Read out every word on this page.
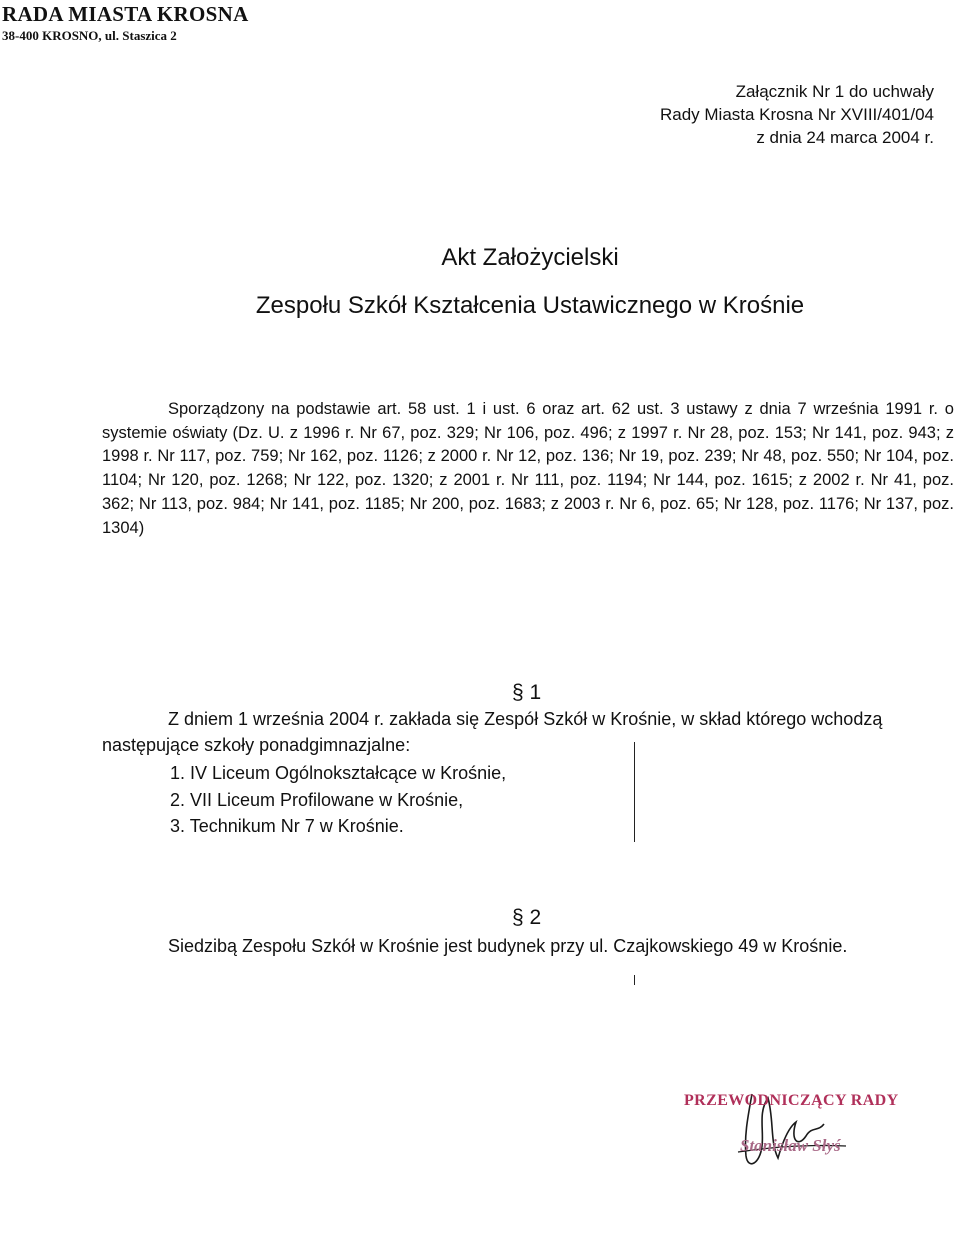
RADA MIASTA KROSNA
38-400 KROSNO, ul. Staszica 2
Załącznik Nr 1 do uchwały
Rady Miasta Krosna Nr XVIII/401/04
z dnia 24 marca 2004 r.
Akt Założycielski
Zespołu Szkół Kształcenia Ustawicznego w Krośnie

Sporządzony na podstawie art. 58 ust. 1 i ust. 6 oraz art. 62 ust. 3 ustawy z dnia 7 września 1991 r. o systemie oświaty (Dz. U. z 1996 r. Nr 67, poz. 329; Nr 106, poz. 496; z 1997 r. Nr 28, poz. 153; Nr 141, poz. 943; z 1998 r. Nr 117, poz. 759; Nr 162, poz. 1126; z 2000 r. Nr 12, poz. 136; Nr 19, poz. 239; Nr 48, poz. 550; Nr 104, poz. 1104; Nr 120, poz. 1268; Nr 122, poz. 1320; z 2001 r. Nr 111, poz. 1194; Nr 144, poz. 1615; z 2002 r. Nr 41, poz. 362; Nr 113, poz. 984; Nr 141, poz. 1185; Nr 200, poz. 1683; z 2003 r. Nr 6, poz. 65; Nr 128, poz. 1176; Nr 137, poz. 1304)

§ 1

Z dniem 1 września 2004 r. zakłada się Zespół Szkół w Krośnie, w skład którego wchodzą następujące szkoły ponadgimnazjalne:

1. IV Liceum Ogólnokształcące w Krośnie,
2. VII Liceum Profilowane w Krośnie,
3. Technikum Nr 7 w Krośnie.
§ 2

Siedzibą Zespołu Szkół w Krośnie jest budynek przy ul. Czajkowskiego 49 w Krośnie.

PRZEWODNICZĄCY RADY
Stanisław Słyś
